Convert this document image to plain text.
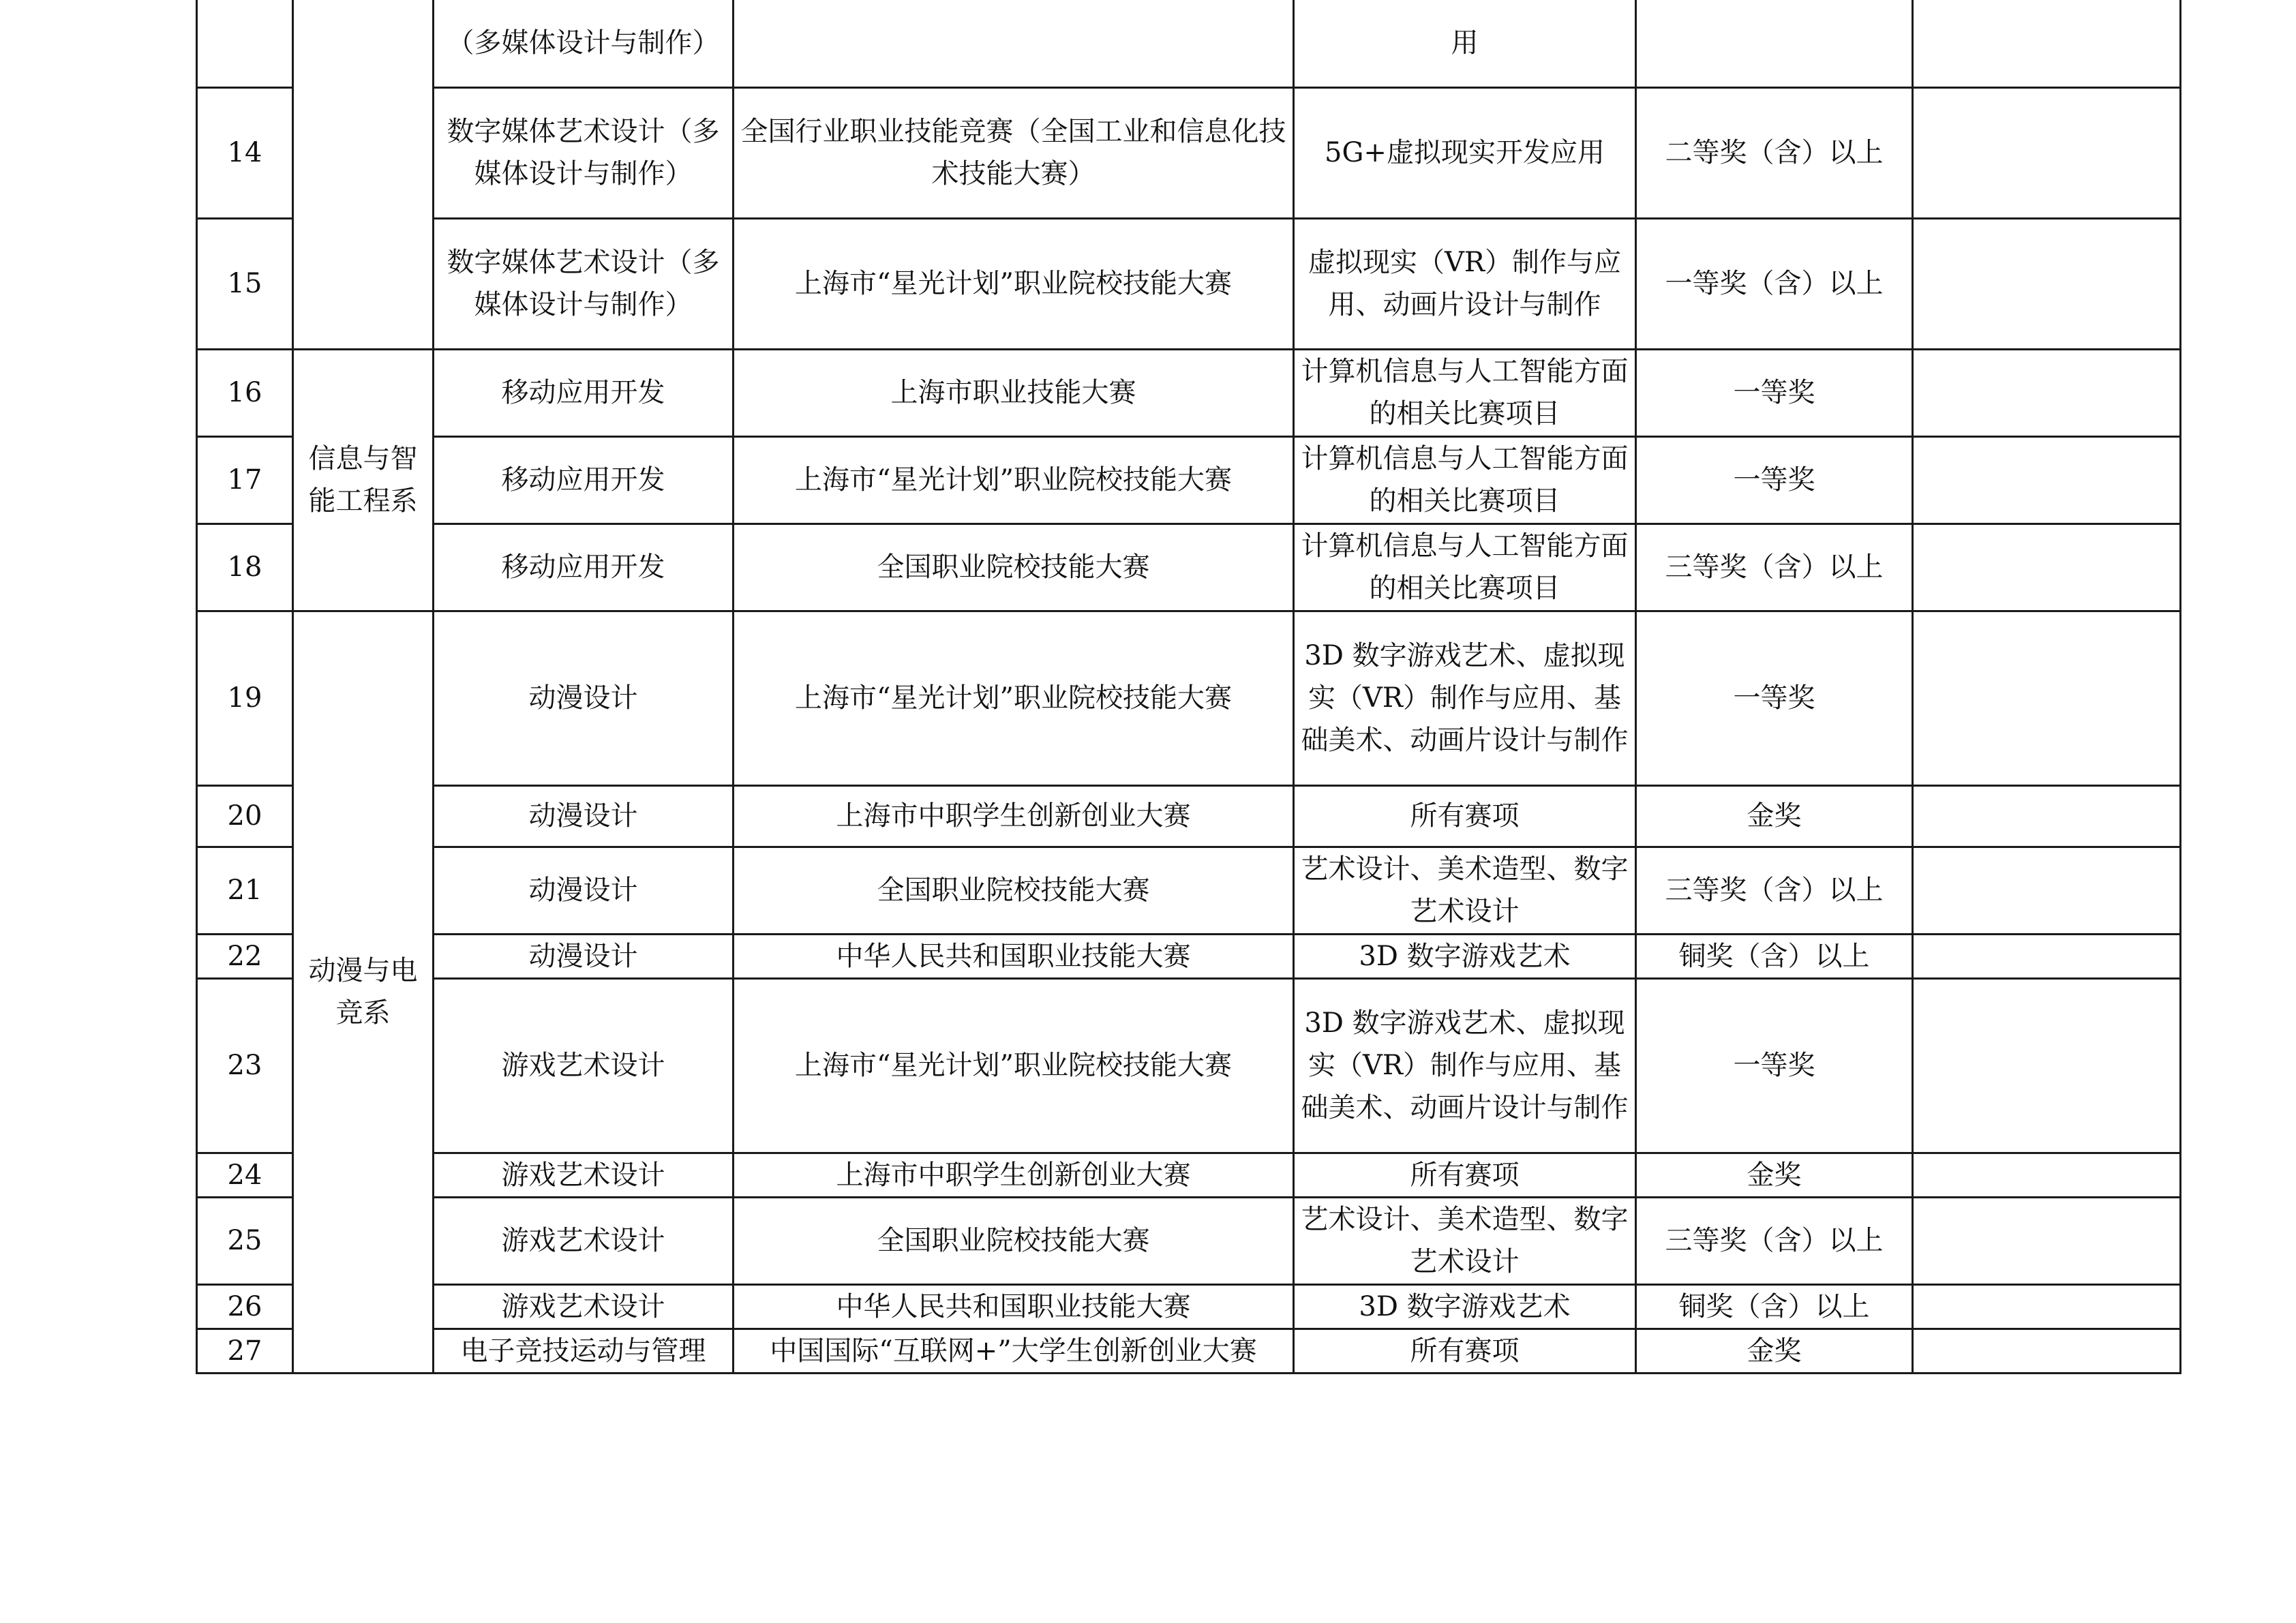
		（多媒体设计与制作）		用		
14		数字媒体艺术设计（多媒体设计与制作）	全国行业职业技能竞赛（全国工业和信息化技术技能大赛）	5G+虚拟现实开发应用	二等奖（含）以上	
15		数字媒体艺术设计（多媒体设计与制作）	上海市“星光计划”职业院校技能大赛	虚拟现实（VR）制作与应用、动画片设计与制作	一等奖（含）以上	
16	信息与智能工程系	移动应用开发	上海市职业技能大赛	计算机信息与人工智能方面的相关比赛项目	一等奖	
17		移动应用开发	上海市“星光计划”职业院校技能大赛	计算机信息与人工智能方面的相关比赛项目	一等奖	
18		移动应用开发	全国职业院校技能大赛	计算机信息与人工智能方面的相关比赛项目	三等奖（含）以上	
19	动漫与电竞系	动漫设计	上海市“星光计划”职业院校技能大赛	3D 数字游戏艺术、虚拟现实（VR）制作与应用、基础美术、动画片设计与制作	一等奖	
20		动漫设计	上海市中职学生创新创业大赛	所有赛项	金奖	
21		动漫设计	全国职业院校技能大赛	艺术设计、美术造型、数字艺术设计	三等奖（含）以上	
22		动漫设计	中华人民共和国职业技能大赛	3D 数字游戏艺术	铜奖（含）以上	
23		游戏艺术设计	上海市“星光计划”职业院校技能大赛	3D 数字游戏艺术、虚拟现实（VR）制作与应用、基础美术、动画片设计与制作	一等奖	
24		游戏艺术设计	上海市中职学生创新创业大赛	所有赛项	金奖	
25		游戏艺术设计	全国职业院校技能大赛	艺术设计、美术造型、数字艺术设计	三等奖（含）以上	
26		游戏艺术设计	中华人民共和国职业技能大赛	3D 数字游戏艺术	铜奖（含）以上	
27		电子竞技运动与管理	中国国际“互联网+”大学生创新创业大赛	所有赛项	金奖	
